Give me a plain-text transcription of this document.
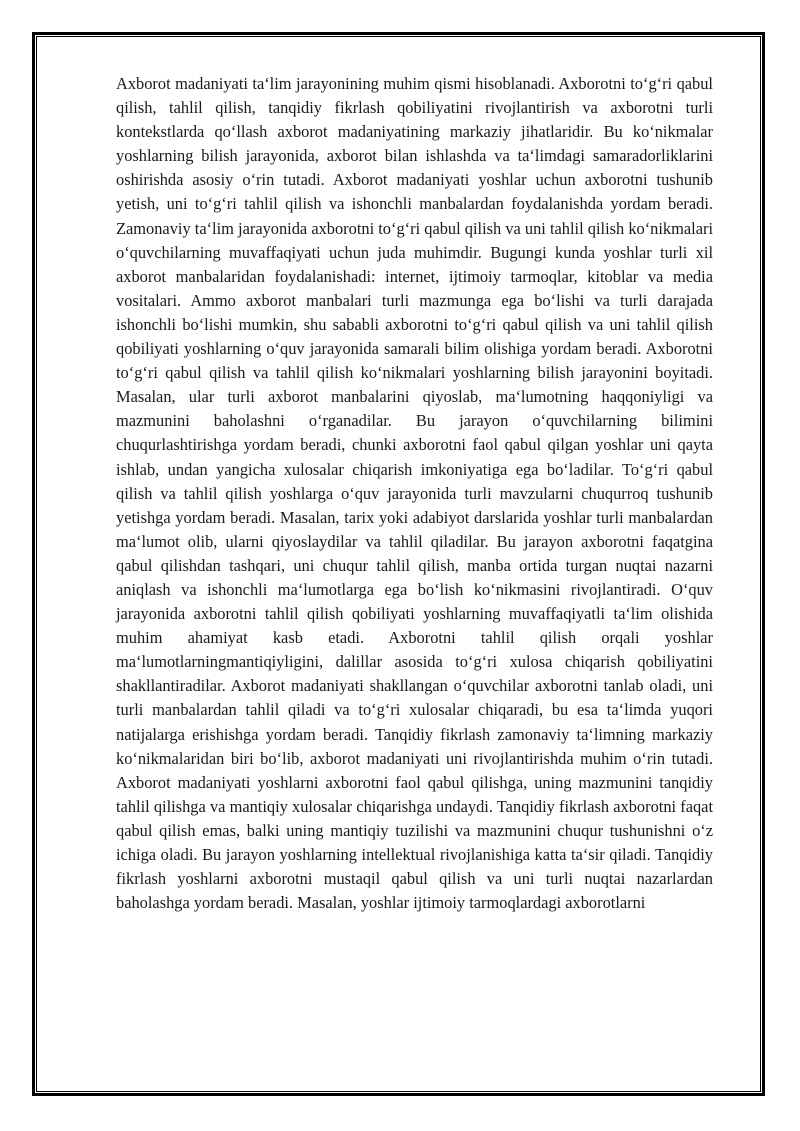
Axborot madaniyati ta‘lim jarayonining muhim qismi hisoblanadi. Axborotni to‘g‘ri qabul qilish, tahlil qilish, tanqidiy fikrlash qobiliyatini rivojlantirish va axborotni turli kontekstlarda qo‘llash axborot madaniyatining markaziy jihatlaridir. Bu ko‘nikmalar yoshlarning bilish jarayonida, axborot bilan ishlashda va ta‘limdagi samaradorliklarini oshirishda asosiy o‘rin tutadi. Axborot madaniyati yoshlar uchun axborotni tushunib yetish, uni to‘g‘ri tahlil qilish va ishonchli manbalardan foydalanishda yordam beradi. Zamonaviy ta‘lim jarayonida axborotni to‘g‘ri qabul qilish va uni tahlil qilish ko‘nikmalari o‘quvchilarning muvaffaqiyati uchun juda muhimdir. Bugungi kunda yoshlar turli xil axborot manbalaridan foydalanishadi: internet, ijtimoiy tarmoqlar, kitoblar va media vositalari. Ammo axborot manbalari turli mazmunga ega bo‘lishi va turli darajada ishonchli bo‘lishi mumkin, shu sababli axborotni to‘g‘ri qabul qilish va uni tahlil qilish qobiliyati yoshlarning o‘quv jarayonida samarali bilim olishiga yordam beradi. Axborotni to‘g‘ri qabul qilish va tahlil qilish ko‘nikmalari yoshlarning bilish jarayonini boyitadi. Masalan, ular turli axborot manbalarini qiyoslab, ma‘lumotning haqqoniyligi va mazmunini baholashni o‘rganadilar. Bu jarayon o‘quvchilarning bilimini chuqurlashtirishga yordam beradi, chunki axborotni faol qabul qilgan yoshlar uni qayta ishlab, undan yangicha xulosalar chiqarish imkoniyatiga ega bo‘ladilar. To‘g‘ri qabul qilish va tahlil qilish yoshlarga o‘quv jarayonida turli mavzularni chuqurroq tushunib yetishga yordam beradi. Masalan, tarix yoki adabiyot darslarida yoshlar turli manbalardan ma‘lumot olib, ularni qiyoslaydilar va tahlil qiladilar. Bu jarayon axborotni faqatgina qabul qilishdan tashqari, uni chuqur tahlil qilish, manba ortida turgan nuqtai nazarni aniqlash va ishonchli ma‘lumotlarga ega bo‘lish ko‘nikmasini rivojlantiradi. O‘quv jarayonida axborotni tahlil qilish qobiliyati yoshlarning muvaffaqiyatli ta‘lim olishida muhim ahamiyat kasb etadi. Axborotni tahlil qilish orqali yoshlar ma‘lumotlarningmantiqiyligini, dalillar asosida to‘g‘ri xulosa chiqarish qobiliyatini shakllantiradilar. Axborot madaniyati shakllangan o‘quvchilar axborotni tanlab oladi, uni turli manbalardan tahlil qiladi va to‘g‘ri xulosalar chiqaradi, bu esa ta‘limda yuqori natijalarga erishishga yordam beradi. Tanqidiy fikrlash zamonaviy ta‘limning markaziy ko‘nikmalaridan biri bo‘lib, axborot madaniyati uni rivojlantirishda muhim o‘rin tutadi. Axborot madaniyati yoshlarni axborotni faol qabul qilishga, uning mazmunini tanqidiy tahlil qilishga va mantiqiy xulosalar chiqarishga undaydi. Tanqidiy fikrlash axborotni faqat qabul qilish emas, balki uning mantiqiy tuzilishi va mazmunini chuqur tushunishni o‘z ichiga oladi. Bu jarayon yoshlarning intellektual rivojlanishiga katta ta‘sir qiladi. Tanqidiy fikrlash yoshlarni axborotni mustaqil qabul qilish va uni turli nuqtai nazarlardan baholashga yordam beradi. Masalan, yoshlar ijtimoiy tarmoqlardagi axborotlarni
